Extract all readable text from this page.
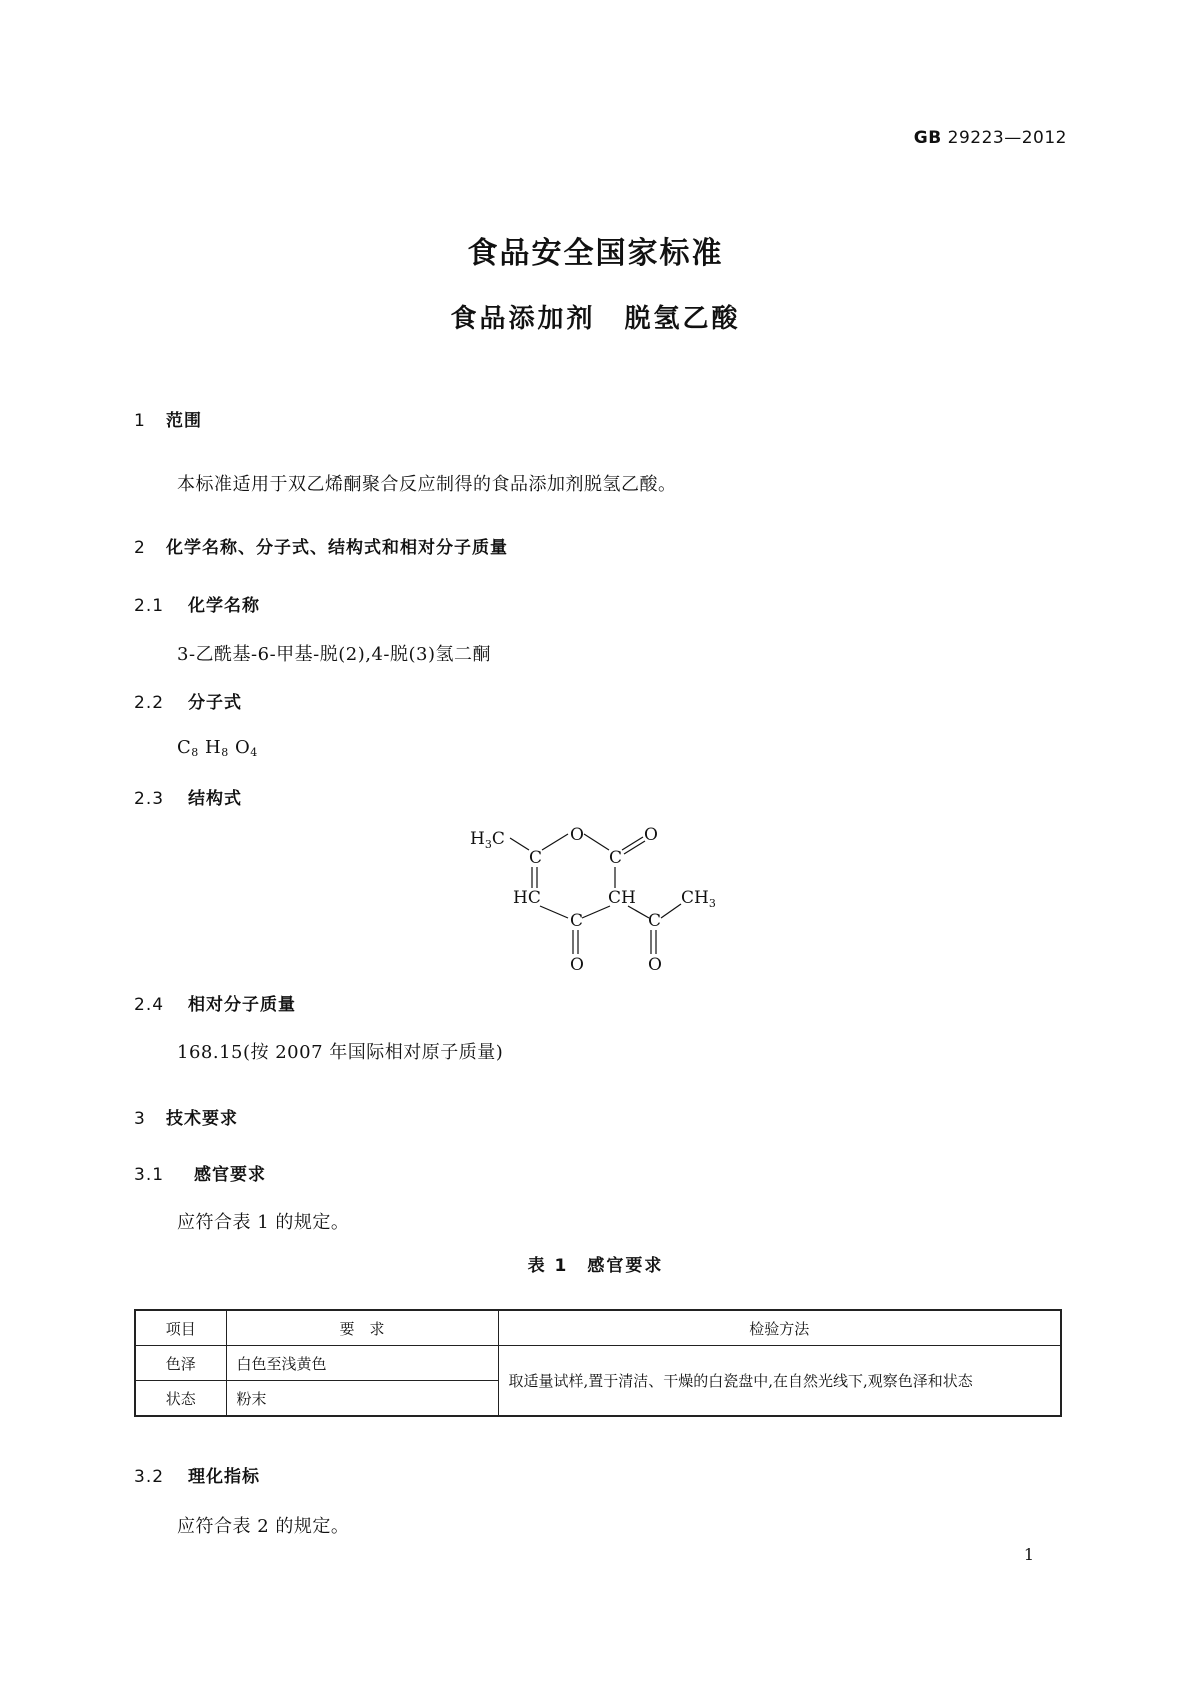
GB 29223—2012
食品安全国家标准
食品添加剂　脱氢乙酸
1 范围
本标准适用于双乙烯酮聚合反应制得的食品添加剂脱氢乙酸。
2 化学名称、分子式、结构式和相对分子质量
2.1 化学名称
3-乙酰基-6-甲基-脱(2),4-脱(3)氢二酮
2.2 分子式
$C_8$ $H_8$ $O_4$
2.3 结构式
$H_3C$	O
C	C
O
HC	CH
C
O
C
O
$CH_3$
2.4 相对分子质量
168.15(按 2007 年国际相对原子质量)
3 技术要求
3.1 感官要求
应符合表 1 的规定。
表 1　感官要求
项目	要　求	检验方法
色泽	白色至浅黄色	取适量试样,置于清洁、干燥的白瓷盘中,在自然光线下,观察色泽和状态
状态	粉末	
3.2 理化指标
应符合表 2 的规定。
1
